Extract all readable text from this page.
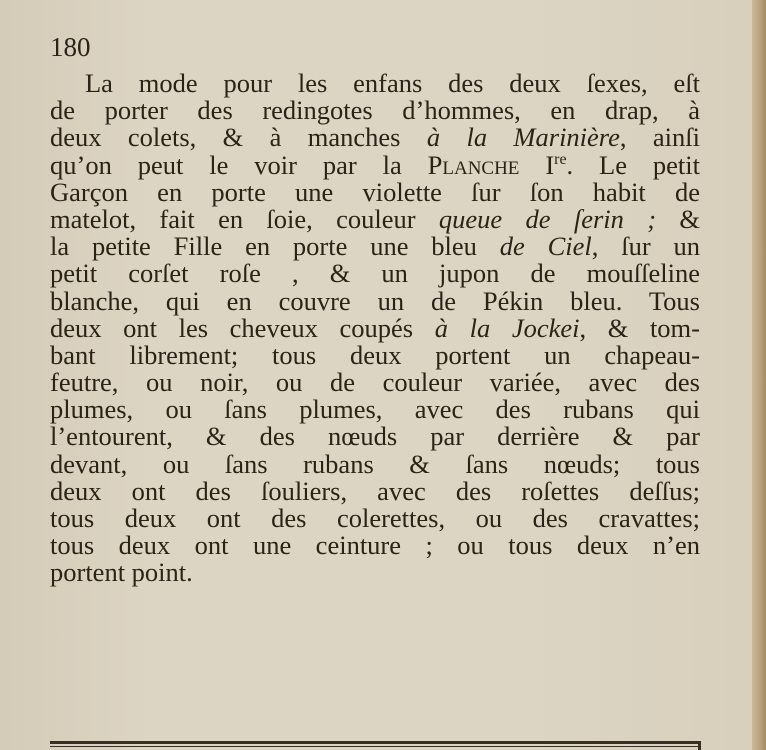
180
La mode pour les enfans des deux ſexes, eſt
de porter des redingotes d’hommes, en drap, à
deux colets, & à manches à la Marinière, ainſi
qu’on peut le voir par la Planche Ire. Le petit
Garçon en porte une violette ſur ſon habit de
matelot, fait en ſoie, couleur queue de ſerin ; &
la petite Fille en porte une bleu de Ciel, ſur un
petit corſet roſe , & un jupon de mouſſeline
blanche, qui en couvre un de Pékin bleu. Tous
deux ont les cheveux coupés à la Jockei, & tom-
bant librement; tous deux portent un chapeau-
feutre, ou noir, ou de couleur variée, avec des
plumes, ou ſans plumes, avec des rubans qui
l’entourent, & des nœuds par derrière & par
devant, ou ſans rubans & ſans nœuds; tous
deux ont des ſouliers, avec des roſettes deſſus;
tous deux ont des colerettes, ou des cravattes;
tous deux ont une ceinture ; ou tous deux n’en
portent point.
